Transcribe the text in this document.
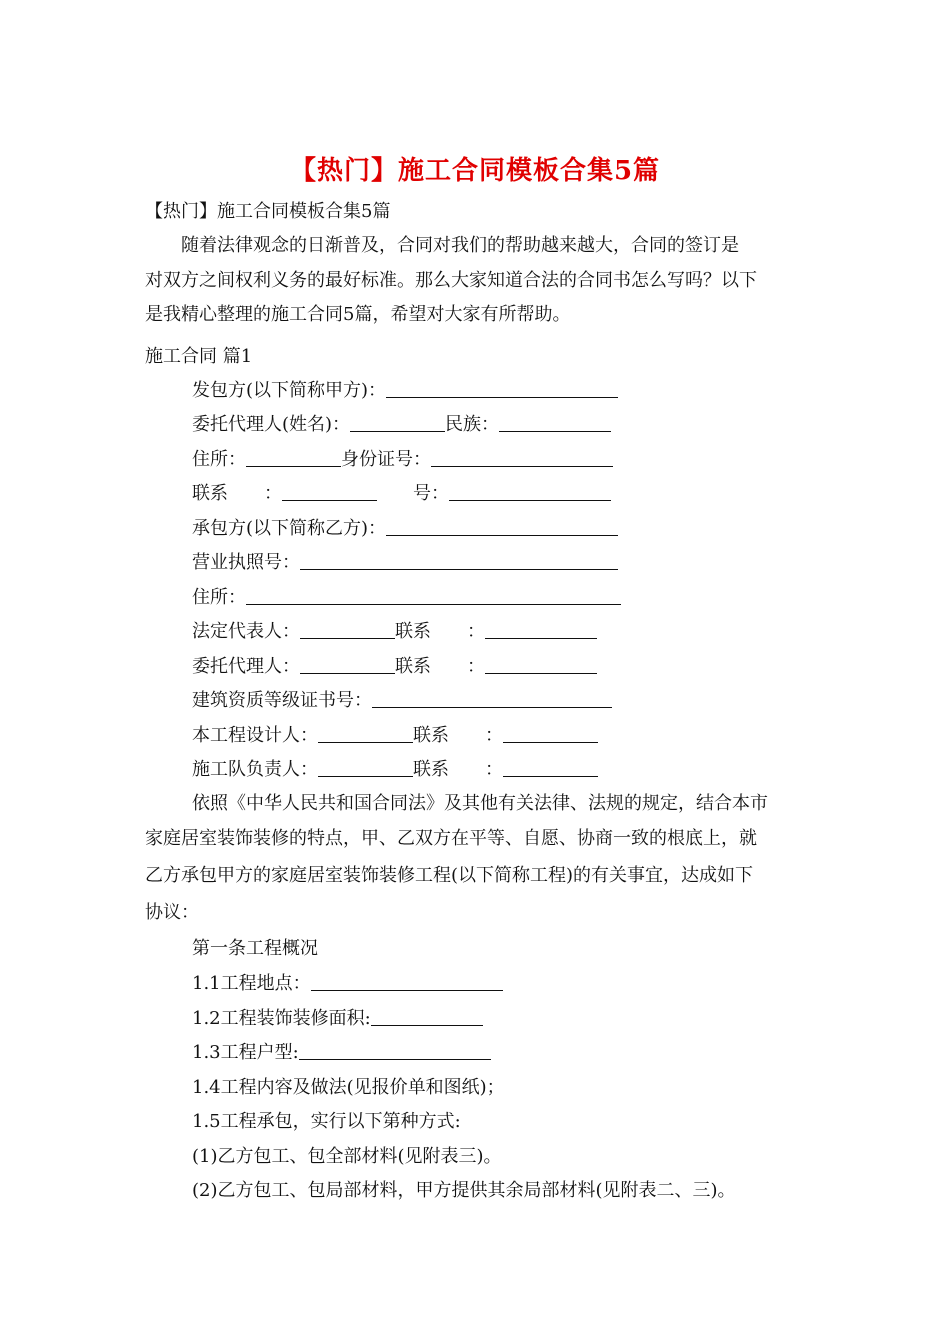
【热门】施工合同模板合集5篇
【热门】施工合同模板合集5篇
　　随着法律观念的日渐普及，合同对我们的帮助越来越大，合同的签订是
对双方之间权利义务的最好标准。那么大家知道合法的合同书怎么写吗？以下
是我精心整理的施工合同5篇，希望对大家有所帮助。
施工合同 篇1
发包方(以下简称甲方)：
委托代理人(姓名)：	民族：
住所：	身份证号：
联系　　：	　　号：
承包方(以下简称乙方)：
营业执照号：
住所：
法定代表人：	联系　　：
委托代理人：	联系　　：
建筑资质等级证书号：
本工程设计人：	联系　　：
施工队负责人：	联系　　：
依照《中华人民共和国合同法》及其他有关法律、法规的规定，结合本市
家庭居室装饰装修的特点，甲、乙双方在平等、自愿、协商一致的根底上，就
乙方承包甲方的家庭居室装饰装修工程(以下简称工程)的有关事宜，达成如下
协议：
第一条工程概况
1.1工程地点：
1.2工程装饰装修面积:
1.3工程户型:
1.4工程内容及做法(见报价单和图纸)；
1.5工程承包，实行以下第种方式:
(1)乙方包工、包全部材料(见附表三)。
(2)乙方包工、包局部材料，甲方提供其余局部材料(见附表二、三)。
